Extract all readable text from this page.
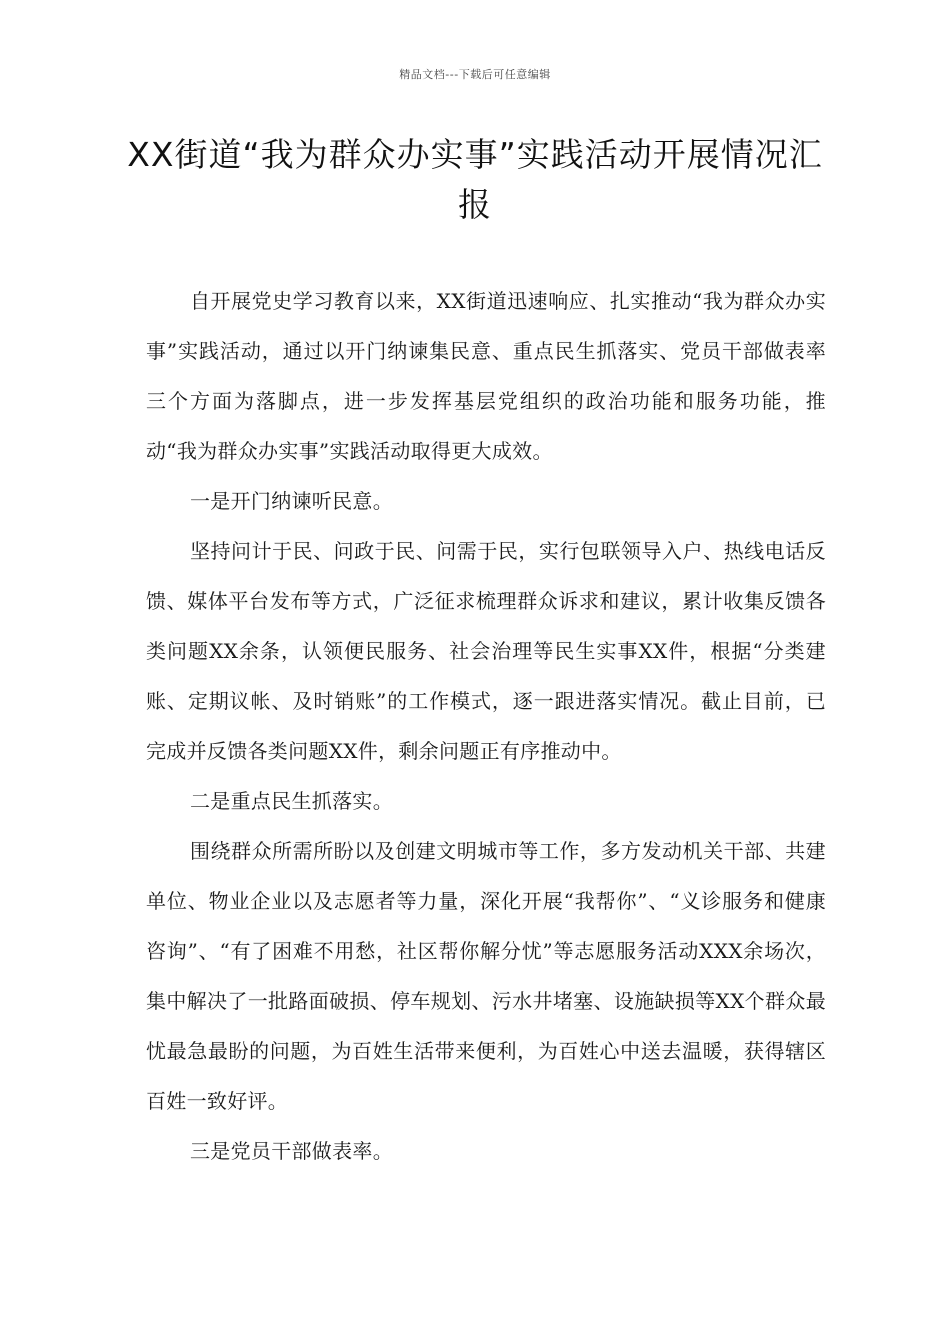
精品文档---下载后可任意编辑
XX街道“我为群众办实事”实践活动开展情况汇报

自开展党史学习教育以来，XX街道迅速响应、扎实推动“我为群众办实事”实践活动，通过以开门纳谏集民意、重点民生抓落实、党员干部做表率三个方面为落脚点，进一步发挥基层党组织的政治功能和服务功能，推动“我为群众办实事”实践活动取得更大成效。

一是开门纳谏听民意。

坚持问计于民、问政于民、问需于民，实行包联领导入户、热线电话反馈、媒体平台发布等方式，广泛征求梳理群众诉求和建议，累计收集反馈各类问题XX余条，认领便民服务、社会治理等民生实事XX件，根据“分类建账、定期议帐、及时销账”的工作模式，逐一跟进落实情况。截止目前，已完成并反馈各类问题XX件，剩余问题正有序推动中。

二是重点民生抓落实。

围绕群众所需所盼以及创建文明城市等工作，多方发动机关干部、共建单位、物业企业以及志愿者等力量，深化开展“我帮你”、“义诊服务和健康咨询”、“有了困难不用愁，社区帮你解分忧”等志愿服务活动XXX余场次，集中解决了一批路面破损、停车规划、污水井堵塞、设施缺损等XX个群众最忧最急最盼的问题，为百姓生活带来便利，为百姓心中送去温暖，获得辖区百姓一致好评。

三是党员干部做表率。
